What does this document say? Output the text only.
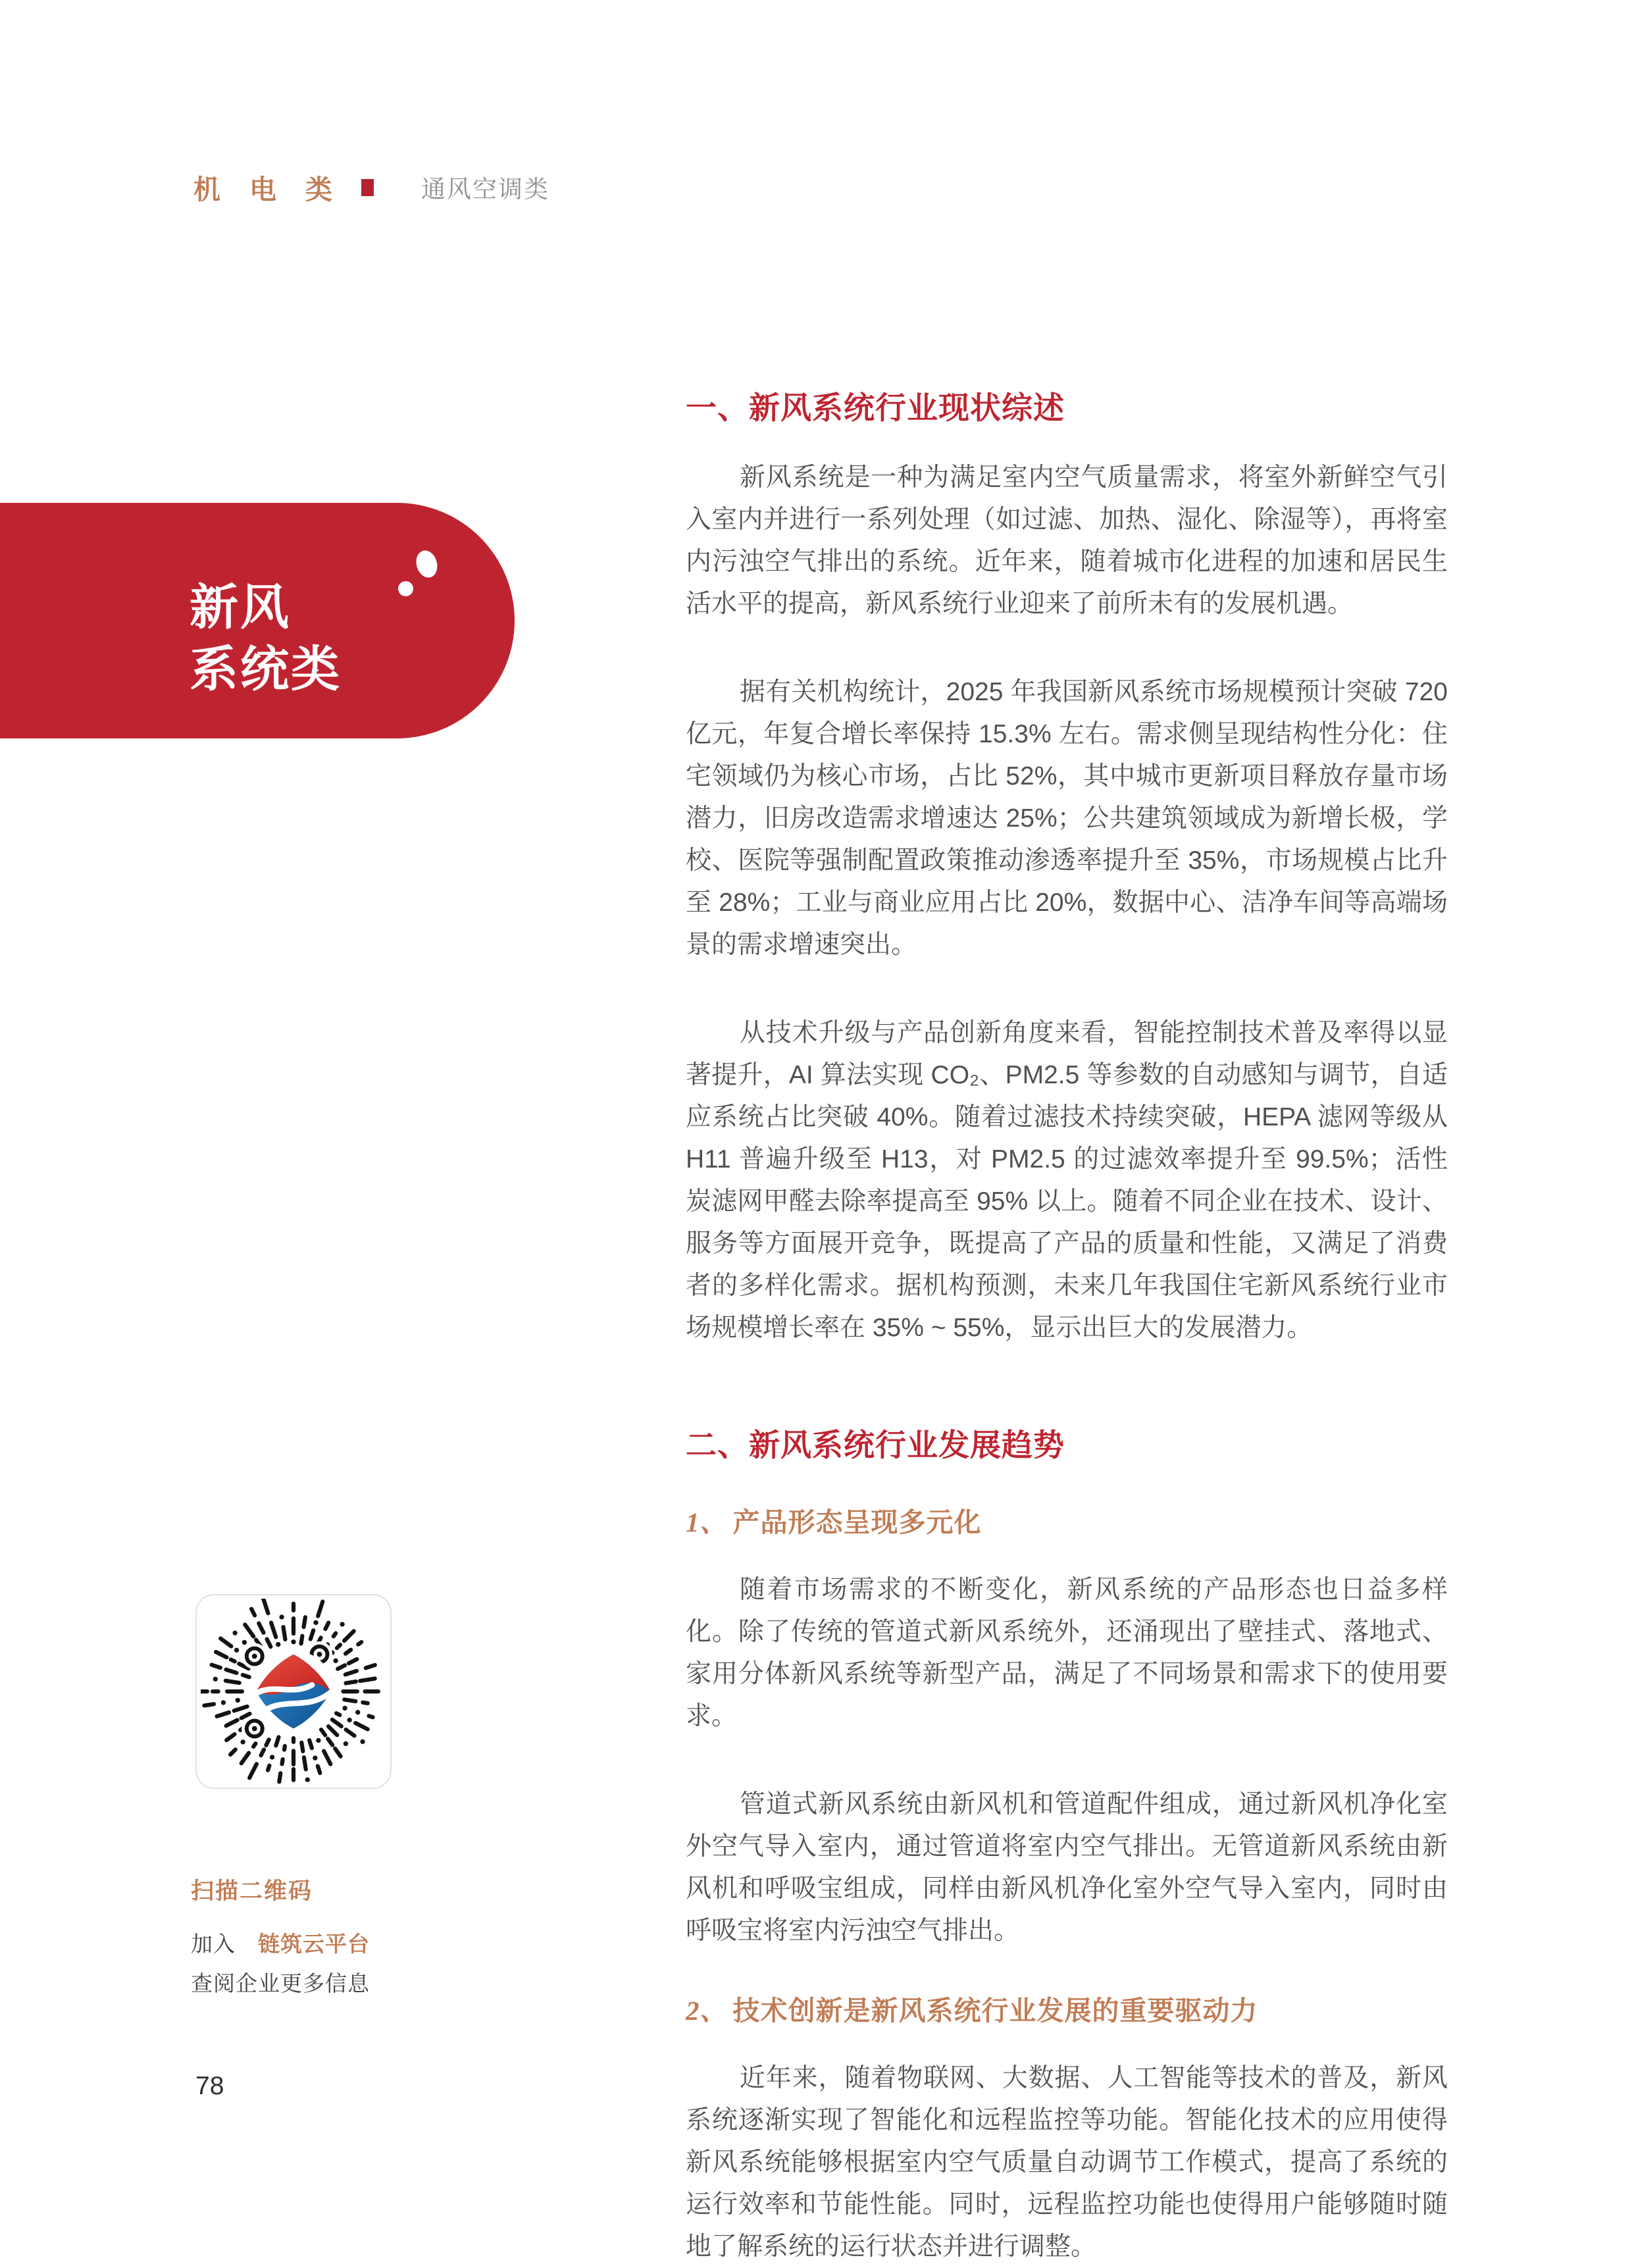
机电类 通风空调类
新风
系统类
一、新风系统行业现状综述

新风系统是一种为满足室内空气质量需求，将室外新鲜空气引入室内并进行一系列处理（如过滤、加热、湿化、除湿等），再将室内污浊空气排出的系统。近年来，随着城市化进程的加速和居民生活水平的提高，新风系统行业迎来了前所未有的发展机遇。

据有关机构统计，2025 年我国新风系统市场规模预计突破 720 亿元，年复合增长率保持 15.3% 左右。需求侧呈现结构性分化：住宅领域仍为核心市场，占比 52%，其中城市更新项目释放存量市场潜力，旧房改造需求增速达 25%；公共建筑领域成为新增长极，学校、医院等强制配置政策推动渗透率提升至 35%，市场规模占比升至 28%；工业与商业应用占比 20%，数据中心、洁净车间等高端场景的需求增速突出。

从技术升级与产品创新角度来看，智能控制技术普及率得以显著提升，AI 算法实现 CO₂、PM2.5 等参数的自动感知与调节，自适应系统占比突破 40%。随着过滤技术持续突破，HEPA 滤网等级从 H11 普遍升级至 H13，对 PM2.5 的过滤效率提升至 99.5%；活性炭滤网甲醛去除率提高至 95% 以上。随着不同企业在技术、设计、服务等方面展开竞争，既提高了产品的质量和性能，又满足了消费者的多样化需求。据机构预测，未来几年我国住宅新风系统行业市场规模增长率在 35% ~ 55%，显示出巨大的发展潜力。

二、新风系统行业发展趋势
1、 产品形态呈现多元化

随着市场需求的不断变化，新风系统的产品形态也日益多样化。除了传统的管道式新风系统外，还涌现出了壁挂式、落地式、家用分体新风系统等新型产品，满足了不同场景和需求下的使用要求。

管道式新风系统由新风机和管道配件组成，通过新风机净化室外空气导入室内，通过管道将室内空气排出。无管道新风系统由新风机和呼吸宝组成，同样由新风机净化室外空气导入室内，同时由呼吸宝将室内污浊空气排出。

2、 技术创新是新风系统行业发展的重要驱动力

近年来，随着物联网、大数据、人工智能等技术的普及，新风系统逐渐实现了智能化和远程监控等功能。智能化技术的应用使得新风系统能够根据室内空气质量自动调节工作模式，提高了系统的运行效率和节能性能。同时，远程监控功能也使得用户能够随时随地了解系统的运行状态并进行调整。

扫描二维码
加入 链筑云平台
查阅企业更多信息
78
